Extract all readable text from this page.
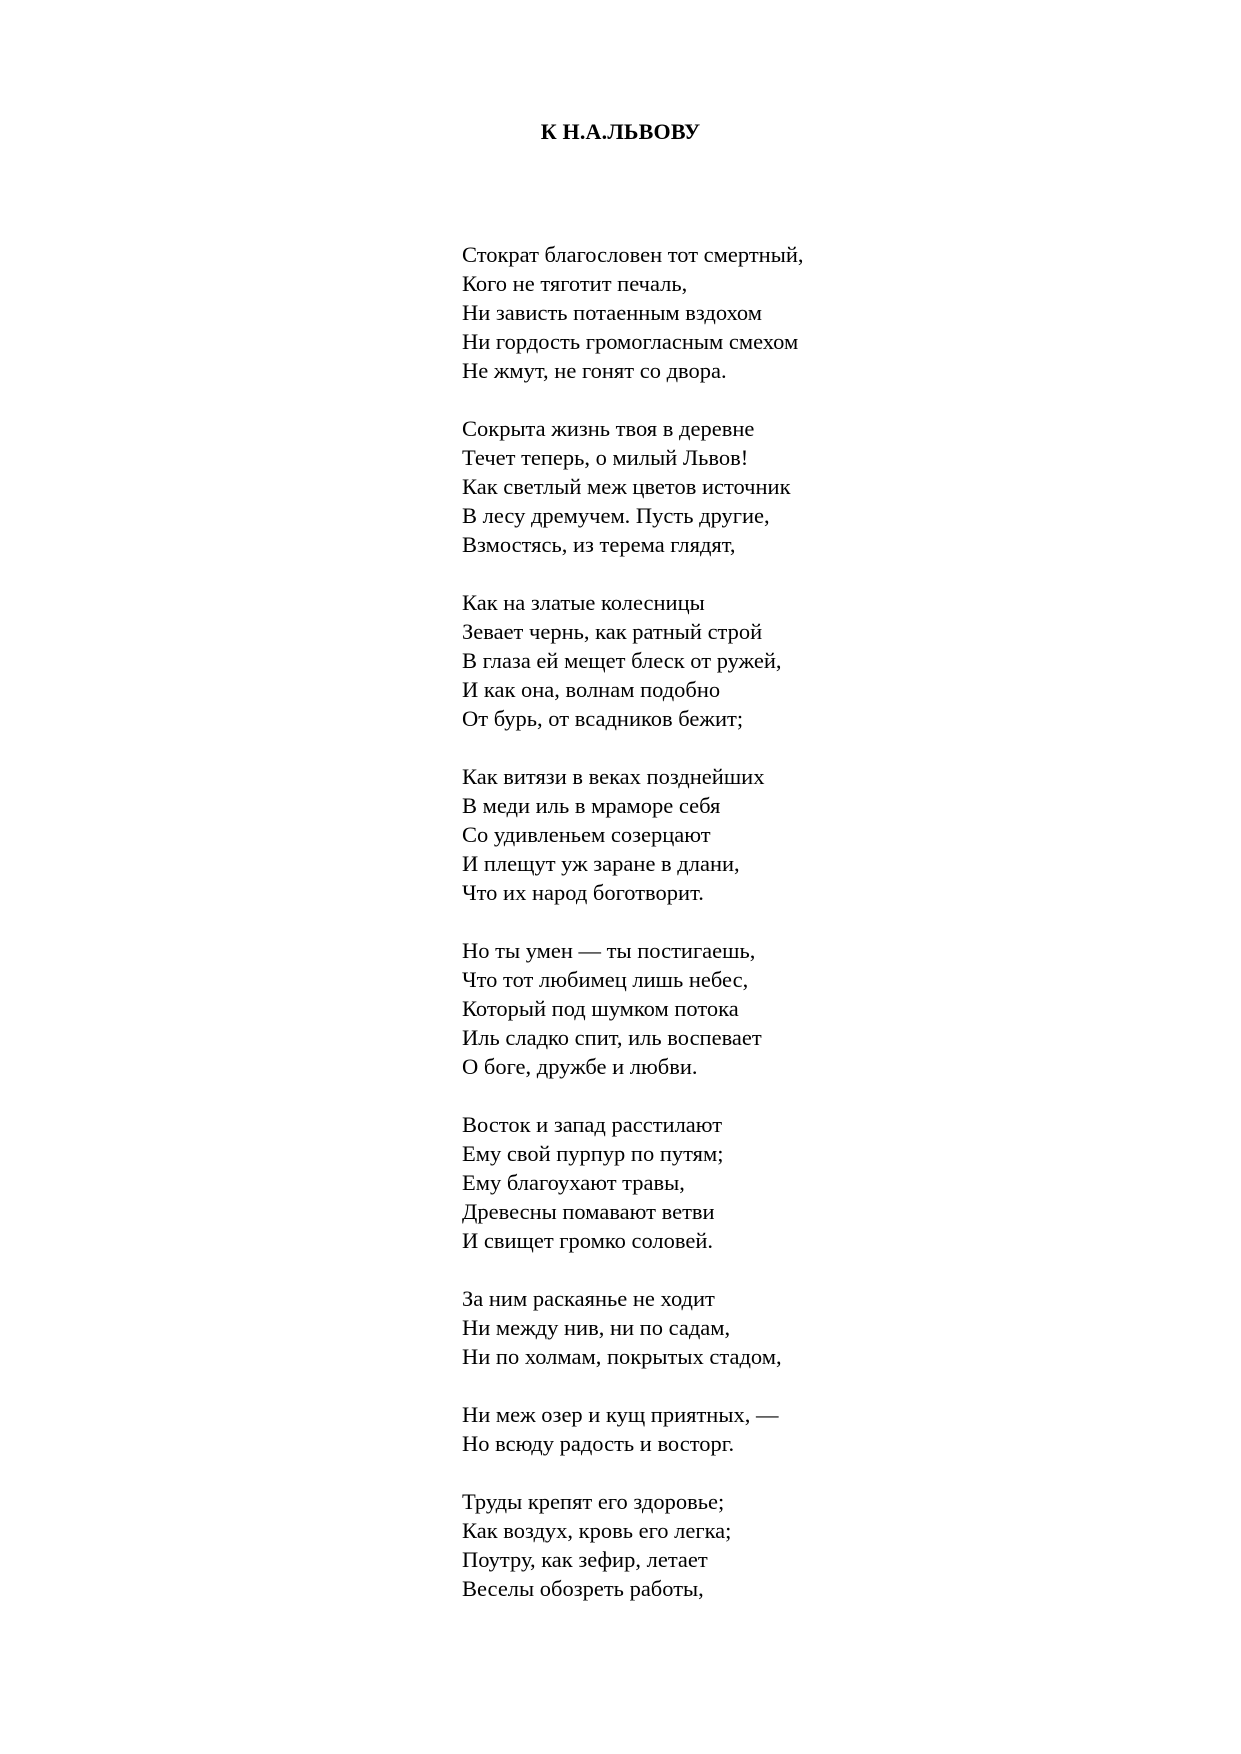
К Н.А.ЛЬВОВУ
Стократ благословен тот смертный,
Кого не тяготит печаль,
Ни зависть потаенным вздохом
Ни гордость громогласным смехом
Не жмут, не гонят со двора.
Сокрыта жизнь твоя в деревне
Течет теперь, о милый Львов!
Как светлый меж цветов источник
В лесу дремучем. Пусть другие,
Взмостясь, из терема глядят,
Как на златые колесницы
Зевает чернь, как ратный строй
В глаза ей мещет блеск от ружей,
И как она, волнам подобно
От бурь, от всадников бежит;
Как витязи в веках позднейших
В меди иль в мраморе себя
Со удивленьем созерцают
И плещут уж заране в длани,
Что их народ боготворит.
Но ты умен — ты постигаешь,
Что тот любимец лишь небес,
Который под шумком потока
Иль сладко спит, иль воспевает
О боге, дружбе и любви.
Восток и запад расстилают
Ему свой пурпур по путям;
Ему благоухают травы,
Древесны помавают ветви
И свищет громко соловей.
За ним раскаянье не ходит
Ни между нив, ни по садам,
Ни по холмам, покрытых стадом,
Ни меж озер и кущ приятных, —
Но всюду радость и восторг.
Труды крепят его здоровье;
Как воздух, кровь его легка;
Поутру, как зефир, летает
Веселы обозреть работы,
